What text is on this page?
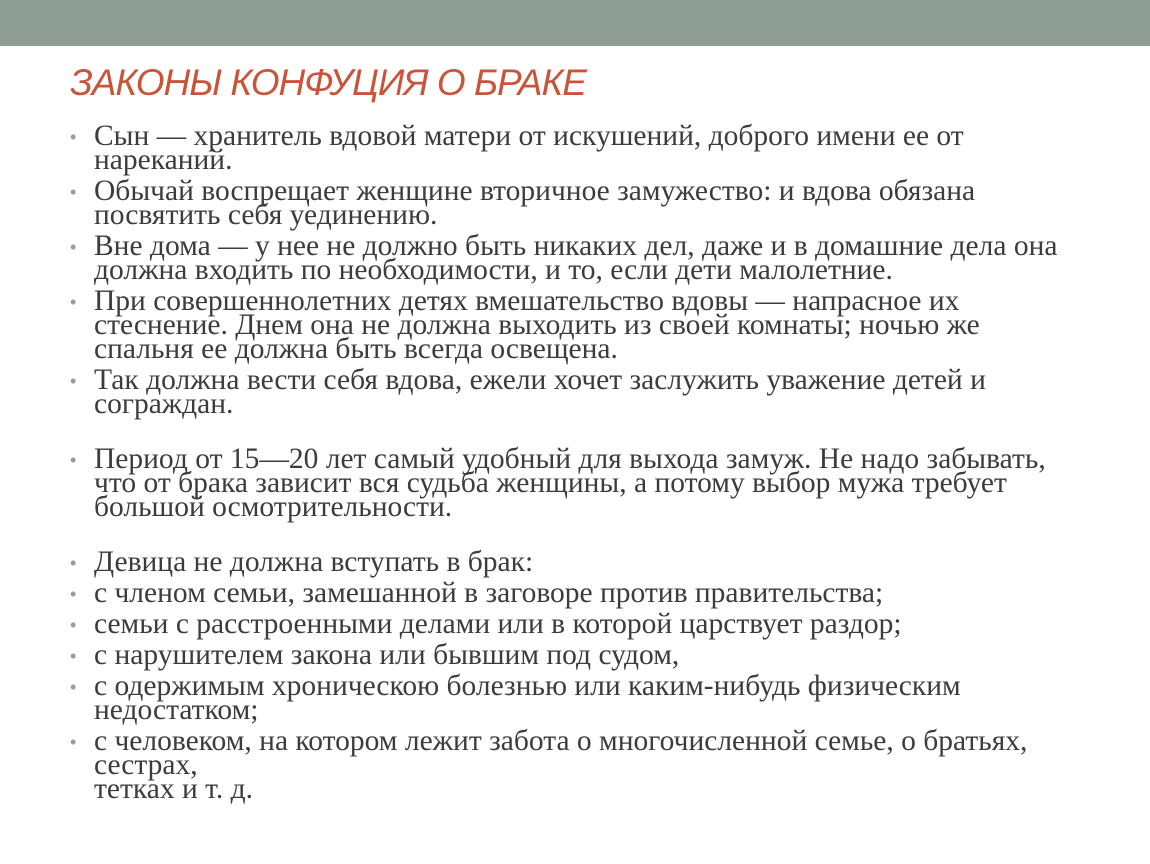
ЗАКОНЫ КОНФУЦИЯ О БРАКЕ
• Сын — хранитель вдовой матери от искушений, доброго имени ее от нареканий.
• Обычай воспрещает женщине вторичное замужество: и вдова обязана посвятить себя уединению.
• Вне дома — у нее не должно быть никаких дел, даже и в домашние дела она должна входить по необходимости, и то, если дети малолетние.
• При совершеннолетних детях вмешательство вдовы — напрасное их стеснение. Днем она не должна выходить из своей комнаты; ночью же спальня ее должна быть всегда освещена.
• Так должна вести себя вдова, ежели хочет заслужить уважение детей и сограждан.
• Период от 15—20 лет самый удобный для выхода замуж. Не надо забывать, что от брака зависит вся судьба женщины, а потому выбор мужа требует большой осмотрительности.
• Девица не должна вступать в брак:
• с членом семьи, замешанной в заговоре против правительства;
• семьи с расстроенными делами или в которой царствует раздор;
• с нарушителем закона или бывшим под судом,
• с одержимым хроническою болезнью или каким-нибудь физическим недостатком;
• с человеком, на котором лежит забота о многочисленной семье, о братьях, сестрах,
тетках и т. д.
